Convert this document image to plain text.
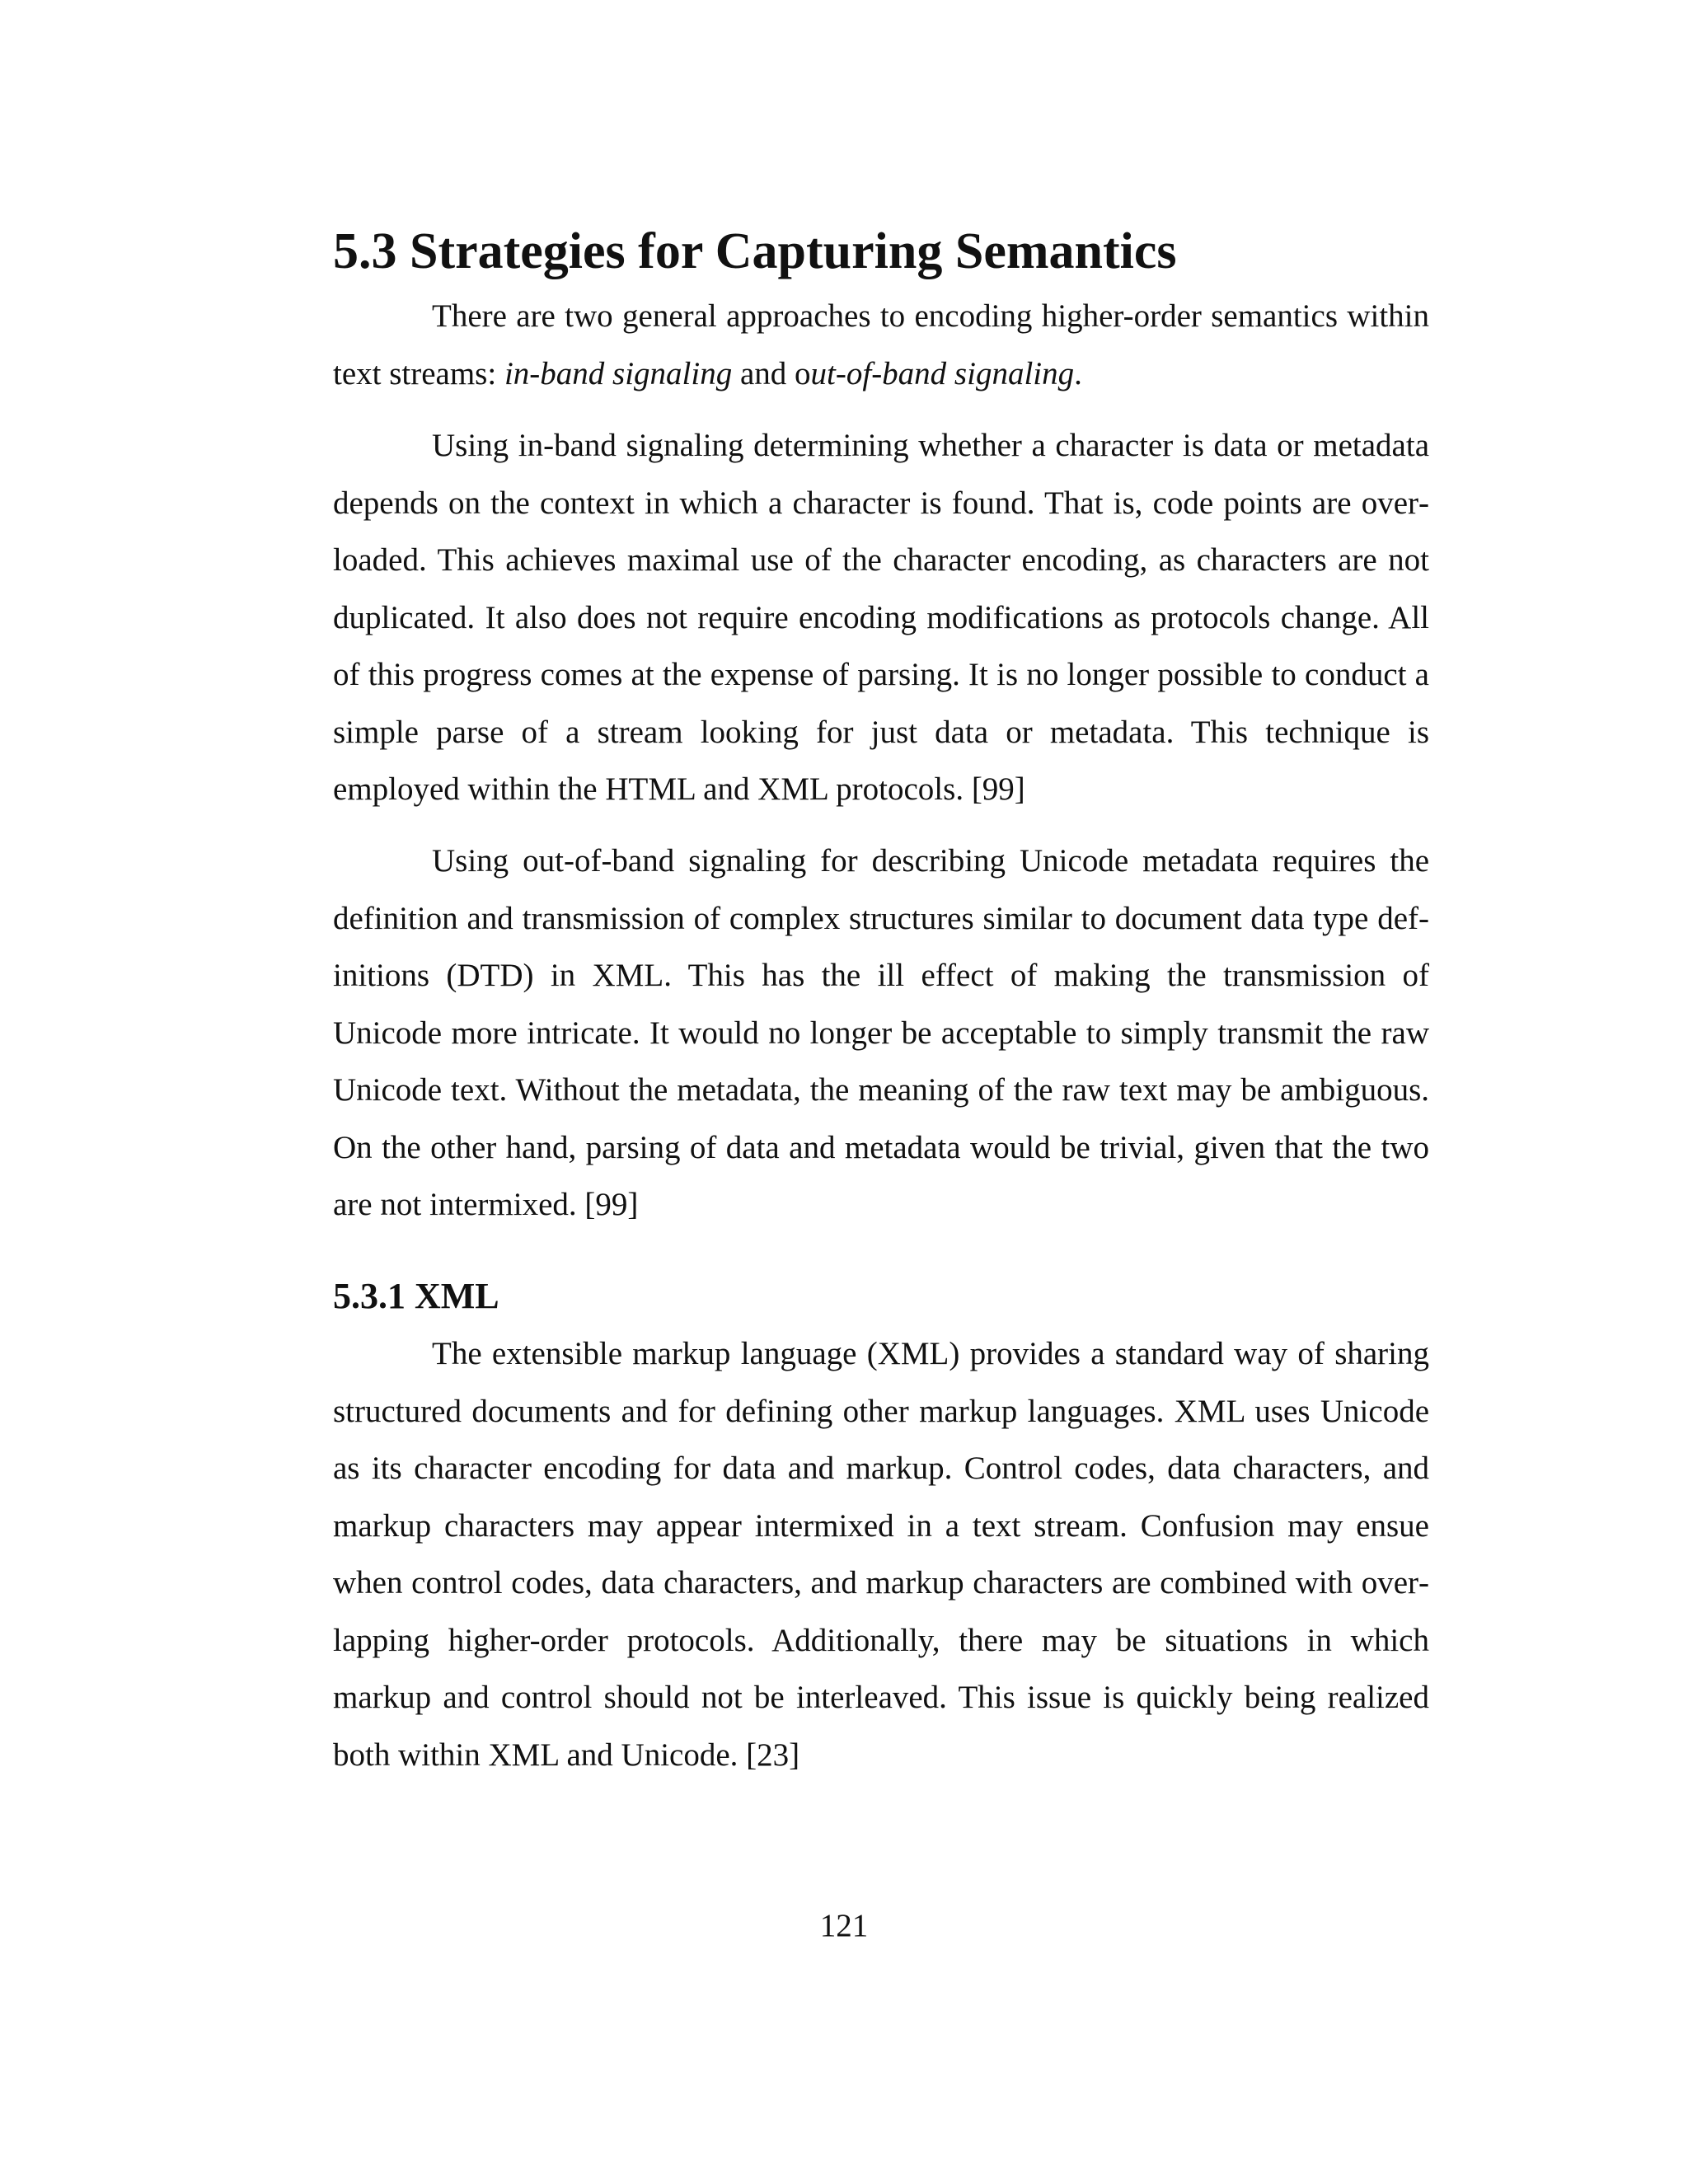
5.3 Strategies for Capturing Semantics

There are two general approaches to encoding higher-order semantics within text streams: in-band signaling and out-of-band signaling.

Using in-band signaling determining whether a character is data or metadata depends on the context in which a character is found. That is, code points are overloaded. This achieves maximal use of the character encoding, as characters are not duplicated. It also does not require encoding modifications as protocols change. All of this progress comes at the expense of parsing. It is no longer possible to conduct a simple parse of a stream looking for just data or metadata. This technique is employed within the HTML and XML protocols. [99]

Using out-of-band signaling for describing Unicode metadata requires the definition and transmission of complex structures similar to document data type definitions (DTD) in XML. This has the ill effect of making the transmission of Unicode more intricate. It would no longer be acceptable to simply transmit the raw Unicode text. Without the metadata, the meaning of the raw text may be ambiguous. On the other hand, parsing of data and metadata would be trivial, given that the two are not intermixed. [99]

5.3.1 XML

The extensible markup language (XML) provides a standard way of sharing structured documents and for defining other markup languages. XML uses Unicode as its character encoding for data and markup. Control codes, data characters, and markup characters may appear intermixed in a text stream. Confusion may ensue when control codes, data characters, and markup characters are combined with overlapping higher-order protocols. Additionally, there may be situations in which markup and control should not be interleaved. This issue is quickly being realized both within XML and Unicode. [23]

121
